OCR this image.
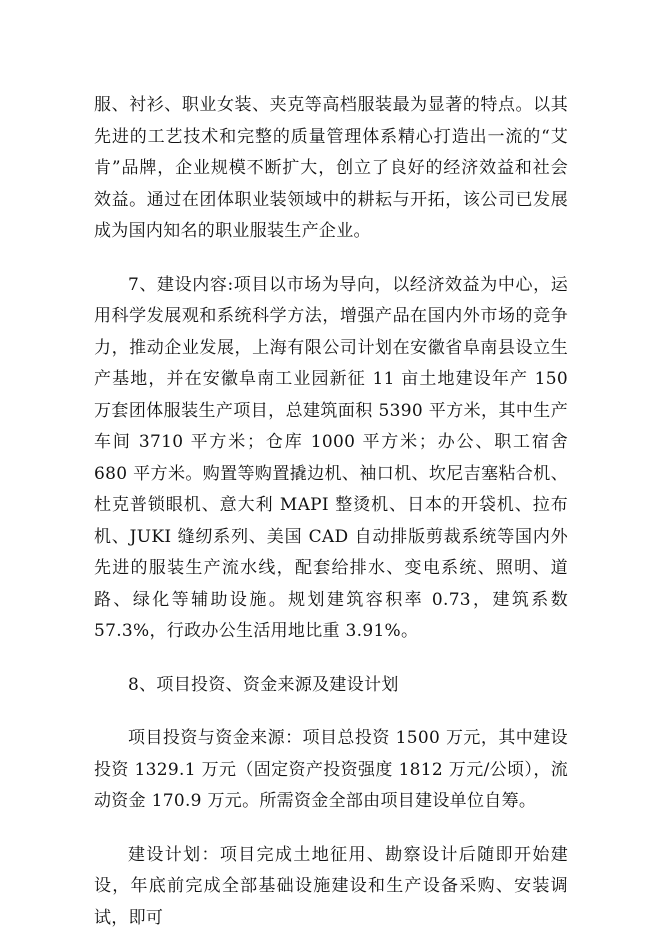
服、衬衫、职业女装、夹克等高档服装最为显著的特点。以其先进的工艺技术和完整的质量管理体系精心打造出一流的“艾肯”品牌，企业规模不断扩大，创立了良好的经济效益和社会效益。通过在团体职业装领域中的耕耘与开拓，该公司已发展成为国内知名的职业服装生产企业。

7、建设内容:项目以市场为导向，以经济效益为中心，运用科学发展观和系统科学方法，增强产品在国内外市场的竞争力，推动企业发展，上海有限公司计划在安徽省阜南县设立生产基地，并在安徽阜南工业园新征 11 亩土地建设年产 150 万套团体服装生产项目，总建筑面积 5390 平方米，其中生产车间 3710 平方米；仓库 1000 平方米；办公、职工宿舍 680 平方米。购置等购置撬边机、袖口机、坎尼吉塞粘合机、杜克普锁眼机、意大利 MAPI 整烫机、日本的开袋机、拉布机、JUKI 缝纫系列、美国 CAD 自动排版剪裁系统等国内外先进的服装生产流水线，配套给排水、变电系统、照明、道路、绿化等辅助设施。规划建筑容积率 0.73，建筑系数 57.3%，行政办公生活用地比重 3.91%。

8、项目投资、资金来源及建设计划

项目投资与资金来源：项目总投资 1500 万元，其中建设投资 1329.1 万元（固定资产投资强度 1812 万元/公顷），流动资金 170.9 万元。所需资金全部由项目建设单位自筹。

建设计划：项目完成土地征用、勘察设计后随即开始建设，年底前完成全部基础设施建设和生产设备采购、安装调试，即可
